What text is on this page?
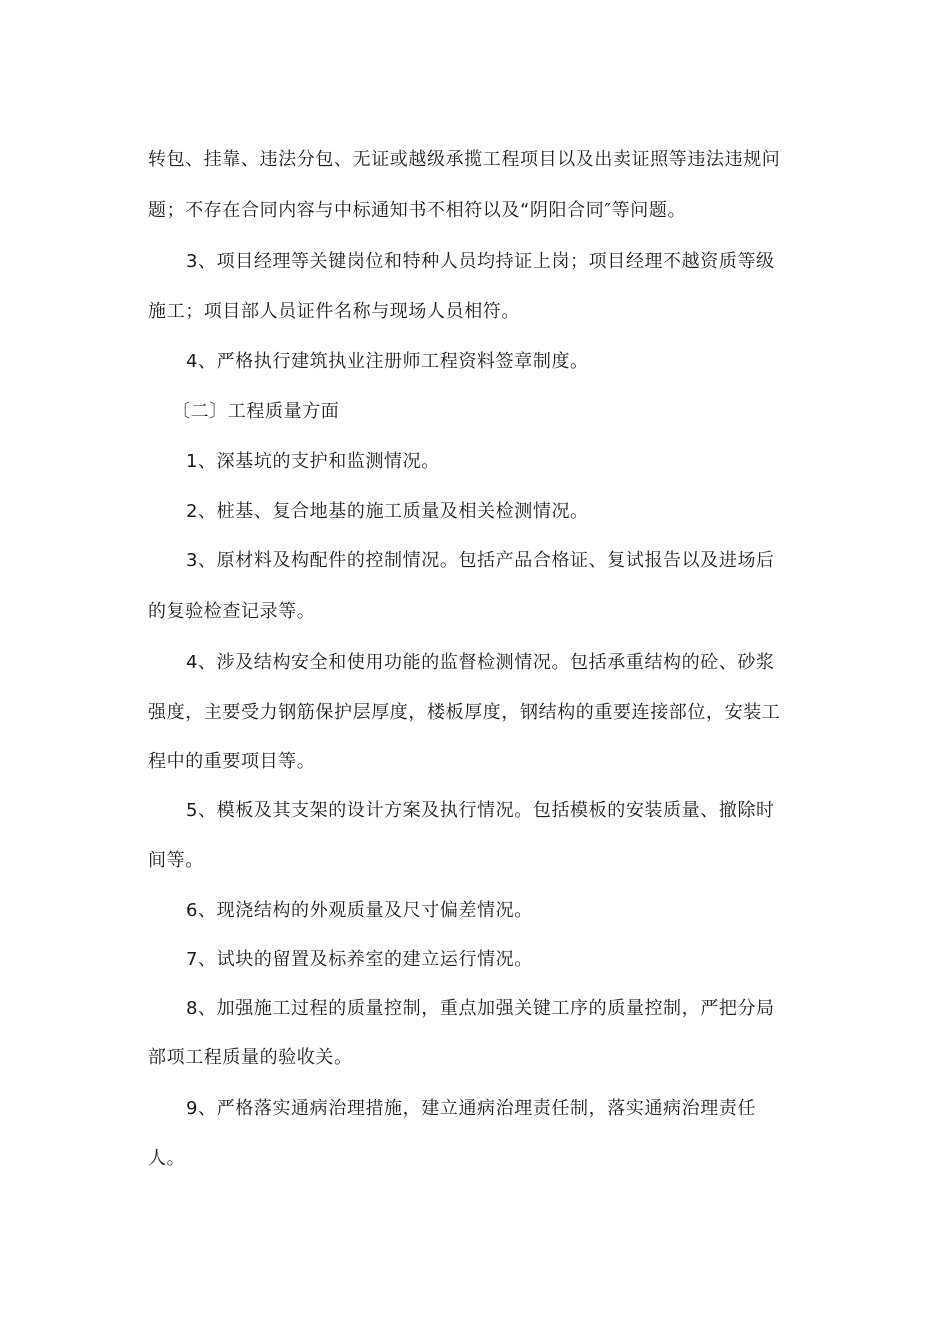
转包、挂靠、违法分包、无证或越级承揽工程项目以及出卖证照等违法违规问
题；不存在合同内容与中标通知书不相符以及“阴阳合同″等问题。
3、项目经理等关键岗位和特种人员均持证上岗；项目经理不越资质等级
施工；项目部人员证件名称与现场人员相符。
4、严格执行建筑执业注册师工程资料签章制度。
〔二〕工程质量方面
1、深基坑的支护和监测情况。
2、桩基、复合地基的施工质量及相关检测情况。
3、原材料及构配件的控制情况。包括产品合格证、复试报告以及进场后
的复验检查记录等。
4、涉及结构安全和使用功能的监督检测情况。包括承重结构的砼、砂浆
强度，主要受力钢筋保护层厚度，楼板厚度，钢结构的重要连接部位，安装工
程中的重要项目等。
5、模板及其支架的设计方案及执行情况。包括模板的安装质量、撤除时
间等。
6、现浇结构的外观质量及尺寸偏差情况。
7、试块的留置及标养室的建立运行情况。
8、加强施工过程的质量控制，重点加强关键工序的质量控制，严把分局
部项工程质量的验收关。
9、严格落实通病治理措施，建立通病治理责任制，落实通病治理责任
人。
